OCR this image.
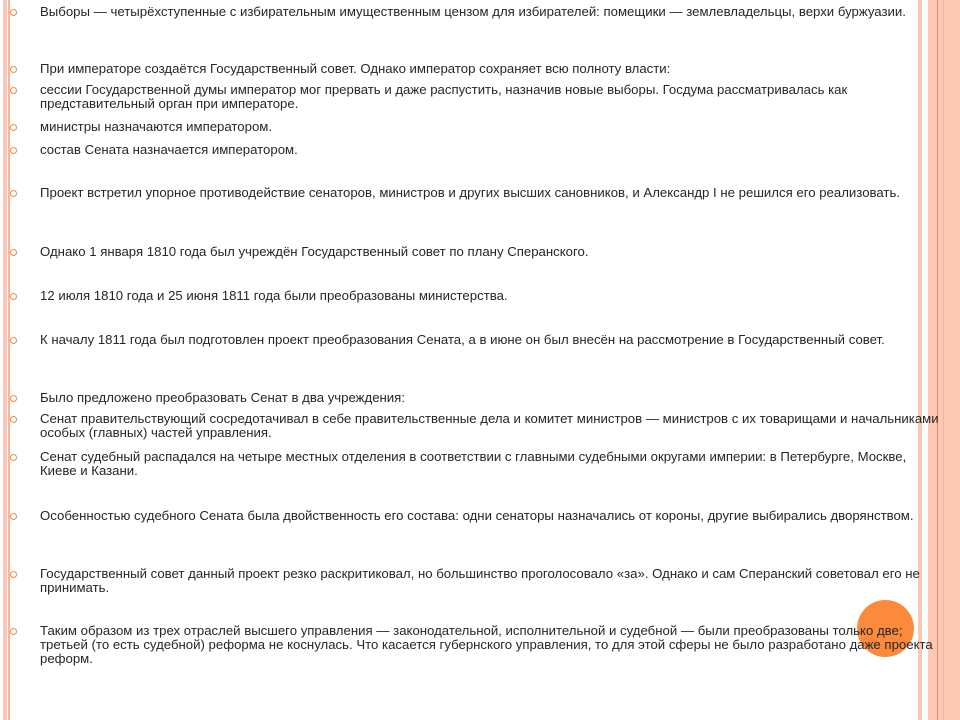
Выборы — четырёхступенные с избирательным имущественным цензом для избирателей: помещики — землевладельцы, верхи буржуазии.
При императоре создаётся Государственный совет. Однако император сохраняет всю полноту власти:
сессии Государственной думы император мог прервать и даже распустить, назначив новые выборы. Госдума рассматривалась как представительный орган при императоре.
министры назначаются императором.
состав Сената назначается императором.
Проект встретил упорное противодействие сенаторов, министров и других высших сановников, и Александр I не решился его реализовать.
Однако 1 января 1810 года был учреждён Государственный совет по плану Сперанского.
12 июля 1810 года и 25 июня 1811 года были преобразованы министерства.
К началу 1811 года был подготовлен проект преобразования Сената, а в июне он был внесён на рассмотрение в Государственный совет.
Было предложено преобразовать Сенат в два учреждения:
Сенат правительствующий сосредотачивал в себе правительственные дела и комитет министров — министров с их товарищами и начальниками особых (главных) частей управления.
Сенат судебный распадался на четыре местных отделения в соответствии с главными судебными округами империи: в Петербурге, Москве, Киеве и Казани.
Особенностью судебного Сената была двойственность его состава: одни сенаторы назначались от короны, другие выбирались дворянством.
Государственный совет данный проект резко раскритиковал, но большинство проголосовало «за». Однако и сам Сперанский советовал его не принимать.
Таким образом из трех отраслей высшего управления — законодательной, исполнительной и судебной — были преобразованы только две; третьей (то есть судебной) реформа не коснулась. Что касается губернского управления, то для этой сферы не было разработано даже проекта реформ.
